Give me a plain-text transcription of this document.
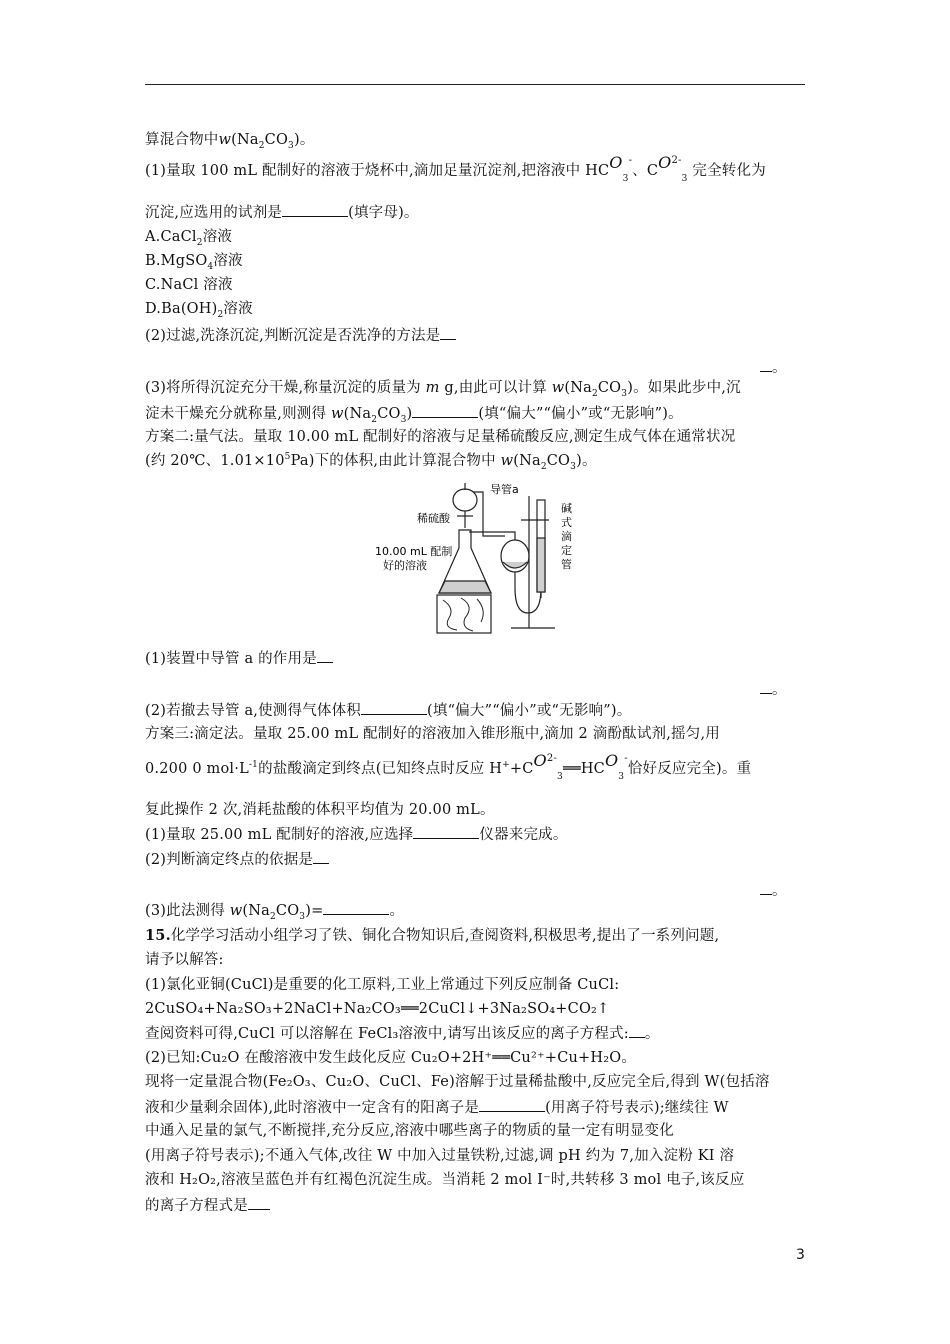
算混合物中$w(Na_2CO_3)$。
(1)量取 100 mL 配制好的溶液于烧杯中,滴加足量沉淀剂,把溶液中 $HCO_3^-$、$CO^{2-}_3$ 完全转化为
沉淀,应选用的试剂是	(填字母)。
A.CaCl$_2$溶液
B.MgSO$_4$溶液
C.NaCl 溶液
$D.Ba(OH)_2$溶液
(2)过滤,洗涤沉淀,判断沉淀是否洗净的方法是
。
(3)将所得沉淀充分干燥,称量沉淀的质量为 m g,由此可以计算 $w(Na_2CO_3)$。如果此步中,沉
淀未干燥充分就称量,则测得 $w(Na_2CO_3)$	(填“偏大”“偏小”或“无影响”)。
方案二:量气法。量取 10.00 mL 配制好的溶液与足量稀硫酸反应,测定生成气体在通常状况
(约 20℃、$1.01\times 10^5Pa$)下的体积,由此计算混合物中 $w(Na_2CO_3)$。
导管a
稀硫酸
10.00 mL 配制
好的溶液
碱
式
滴
定
管
(1)装置中导管 a 的作用是
。
(2)若撤去导管 a,使测得气体体积	(填“偏大”“偏小”或“无影响”)。
方案三:滴定法。量取 25.00 mL 配制好的溶液加入锥形瓶中,滴加 2 滴酚酞试剂,摇匀,用
0.200 0 $mol\cdot L^{-1}$的盐酸滴定到终点(已知终点时反应 $H^++CO^{2-}_3══HCO_3^-$恰好反应完全)。重
复此操作 2 次,消耗盐酸的体积平均值为 20.00 mL。
(1)量取 25.00 mL 配制好的溶液,应选择	仪器来完成。
(2)判断滴定终点的依据是
。
(3)此法测得 $w(Na_2CO_3)=$	。
15.化学学习活动小组学习了铁、铜化合物知识后,查阅资料,积极思考,提出了一系列问题,
请予以解答:
(1)氯化亚铜(CuCl)是重要的化工原料,工业上常通过下列反应制备 CuCl:
2CuSO₄+Na₂SO₃+2NaCl+Na₂CO₃══2CuCl↓+3Na₂SO₄+CO₂↑
查阅资料可得,CuCl 可以溶解在 FeCl₃溶液中,请写出该反应的离子方程式: 。
(2)已知:Cu₂O 在酸溶液中发生歧化反应 Cu₂O+2H⁺══Cu²⁺+Cu+H₂O。
现将一定量混合物(Fe₂O₃、Cu₂O、CuCl、Fe)溶解于过量稀盐酸中,反应完全后,得到 W(包括溶
液和少量剩余固体),此时溶液中一定含有的阳离子是	(用离子符号表示);继续往 W
中通入足量的氯气,不断搅拌,充分反应,溶液中哪些离子的物质的量一定有明显变化
(用离子符号表示);不通入气体,改往 W 中加入过量铁粉,过滤,调 pH 约为 7,加入淀粉 KI 溶
液和 H₂O₂,溶液呈蓝色并有红褐色沉淀生成。当消耗 2 mol I⁻时,共转移 3 mol 电子,该反应
的离子方程式是
3
